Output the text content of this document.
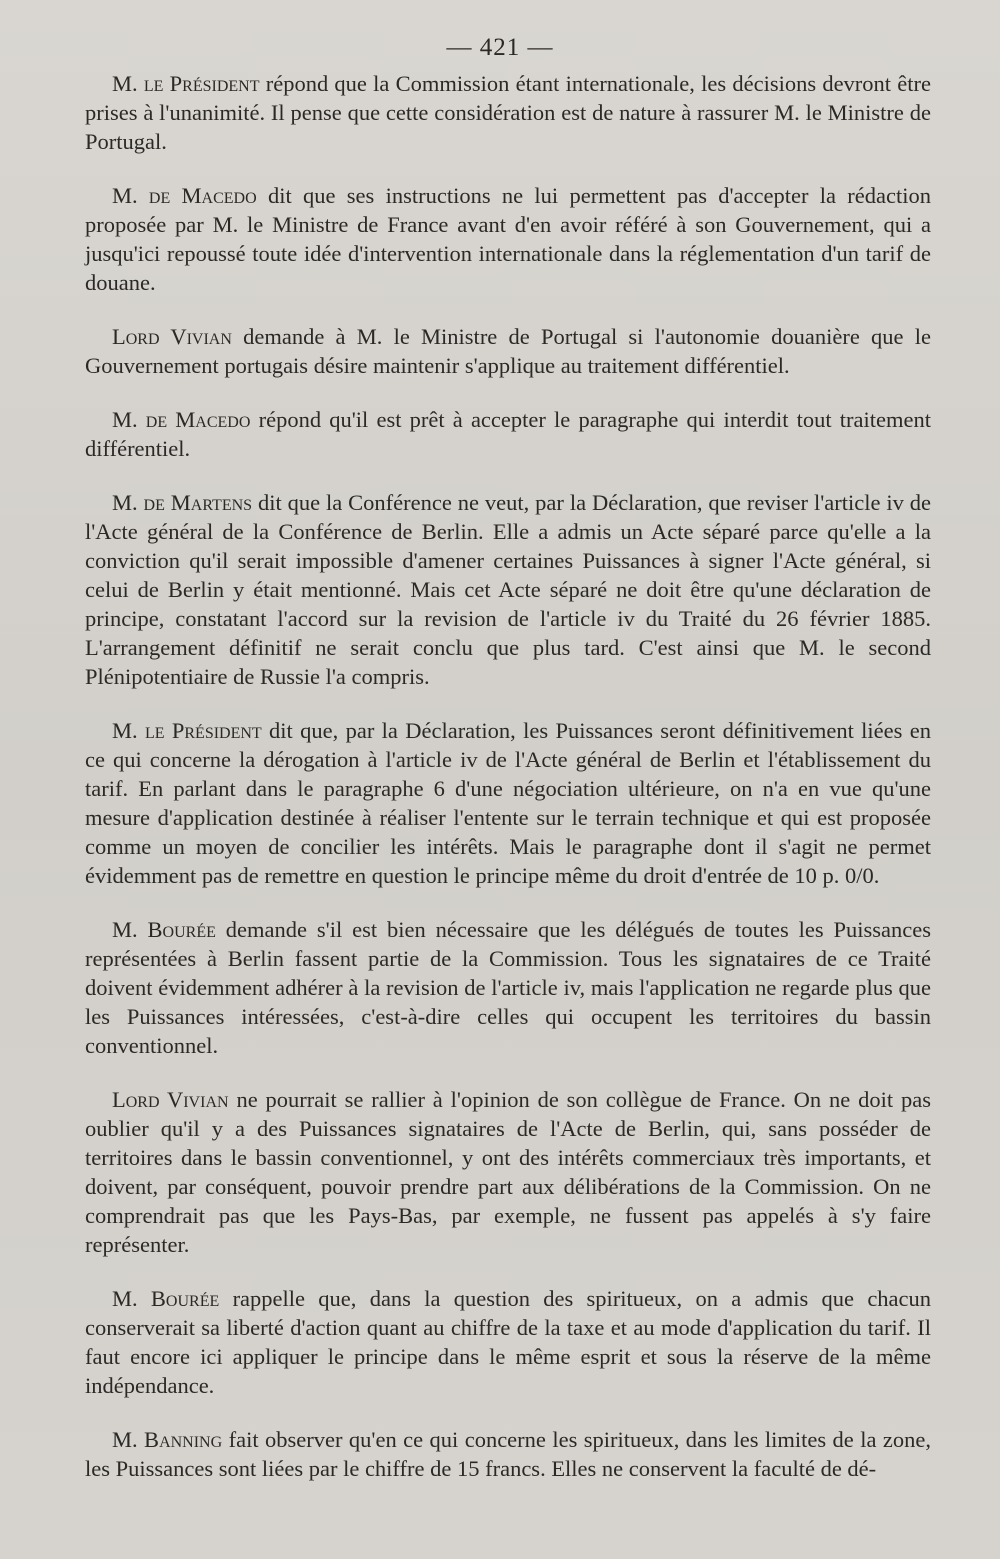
— 421 —

M. le Président répond que la Commission étant internationale, les décisions devront être prises à l'unanimité. Il pense que cette considération est de nature à rassurer M. le Ministre de Portugal.

M. de Macedo dit que ses instructions ne lui permettent pas d'accepter la rédaction proposée par M. le Ministre de France avant d'en avoir référé à son Gouvernement, qui a jusqu'ici repoussé toute idée d'intervention internationale dans la réglementation d'un tarif de douane.

Lord Vivian demande à M. le Ministre de Portugal si l'autonomie douanière que le Gouvernement portugais désire maintenir s'applique au traitement différentiel.

M. de Macedo répond qu'il est prêt à accepter le paragraphe qui interdit tout traitement différentiel.

M. de Martens dit que la Conférence ne veut, par la Déclaration, que reviser l'article iv de l'Acte général de la Conférence de Berlin. Elle a admis un Acte séparé parce qu'elle a la conviction qu'il serait impossible d'amener certaines Puissances à signer l'Acte général, si celui de Berlin y était mentionné. Mais cet Acte séparé ne doit être qu'une déclaration de principe, constatant l'accord sur la revision de l'article iv du Traité du 26 février 1885. L'arrangement définitif ne serait conclu que plus tard. C'est ainsi que M. le second Plénipotentiaire de Russie l'a compris.

M. le Président dit que, par la Déclaration, les Puissances seront définitivement liées en ce qui concerne la dérogation à l'article iv de l'Acte général de Berlin et l'établissement du tarif. En parlant dans le paragraphe 6 d'une négociation ultérieure, on n'a en vue qu'une mesure d'application destinée à réaliser l'entente sur le terrain technique et qui est proposée comme un moyen de concilier les intérêts. Mais le paragraphe dont il s'agit ne permet évidemment pas de remettre en question le principe même du droit d'entrée de 10 p. 0/0.

M. Bourée demande s'il est bien nécessaire que les délégués de toutes les Puissances représentées à Berlin fassent partie de la Commission. Tous les signataires de ce Traité doivent évidemment adhérer à la revision de l'article iv, mais l'application ne regarde plus que les Puissances intéressées, c'est-à-dire celles qui occupent les territoires du bassin conventionnel.

Lord Vivian ne pourrait se rallier à l'opinion de son collègue de France. On ne doit pas oublier qu'il y a des Puissances signataires de l'Acte de Berlin, qui, sans posséder de territoires dans le bassin conventionnel, y ont des intérêts commerciaux très importants, et doivent, par conséquent, pouvoir prendre part aux délibérations de la Commission. On ne comprendrait pas que les Pays-Bas, par exemple, ne fussent pas appelés à s'y faire représenter.

M. Bourée rappelle que, dans la question des spiritueux, on a admis que chacun conserverait sa liberté d'action quant au chiffre de la taxe et au mode d'application du tarif. Il faut encore ici appliquer le principe dans le même esprit et sous la réserve de la même indépendance.

M. Banning fait observer qu'en ce qui concerne les spiritueux, dans les limites de la zone, les Puissances sont liées par le chiffre de 15 francs. Elles ne conservent la faculté de dé-
